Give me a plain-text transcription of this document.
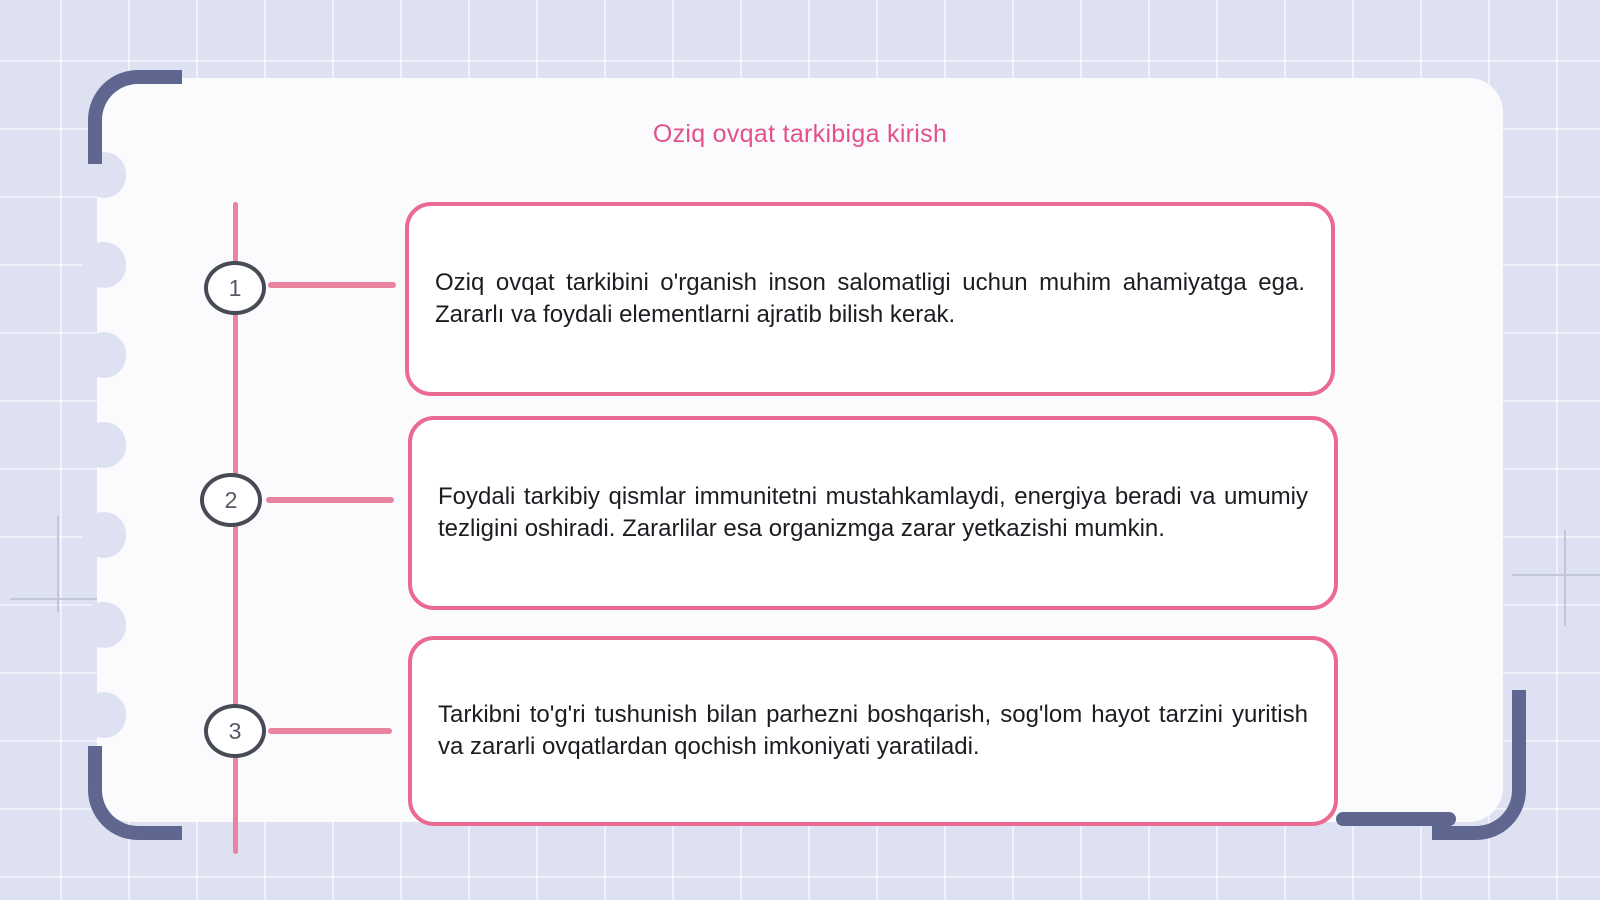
Oziq ovqat tarkibiga kirish
1	Oziq ovqat tarkibini o'rganish inson salomatligi uchun muhim ahamiyatga ega. Zararlı va foydali elementlarni ajratib bilish kerak.

2	Foydali tarkibiy qismlar immunitetni mustahkamlaydi, energiya beradi va umumiy tezligini oshiradi. Zararlilar esa organizmga zarar yetkazishi mumkin.

3

Tarkibni to'g'ri tushunish bilan parhezni boshqarish, sog'lom hayot tarzini yuritish va zararli ovqatlardan qochish imkoniyati yaratiladi.
